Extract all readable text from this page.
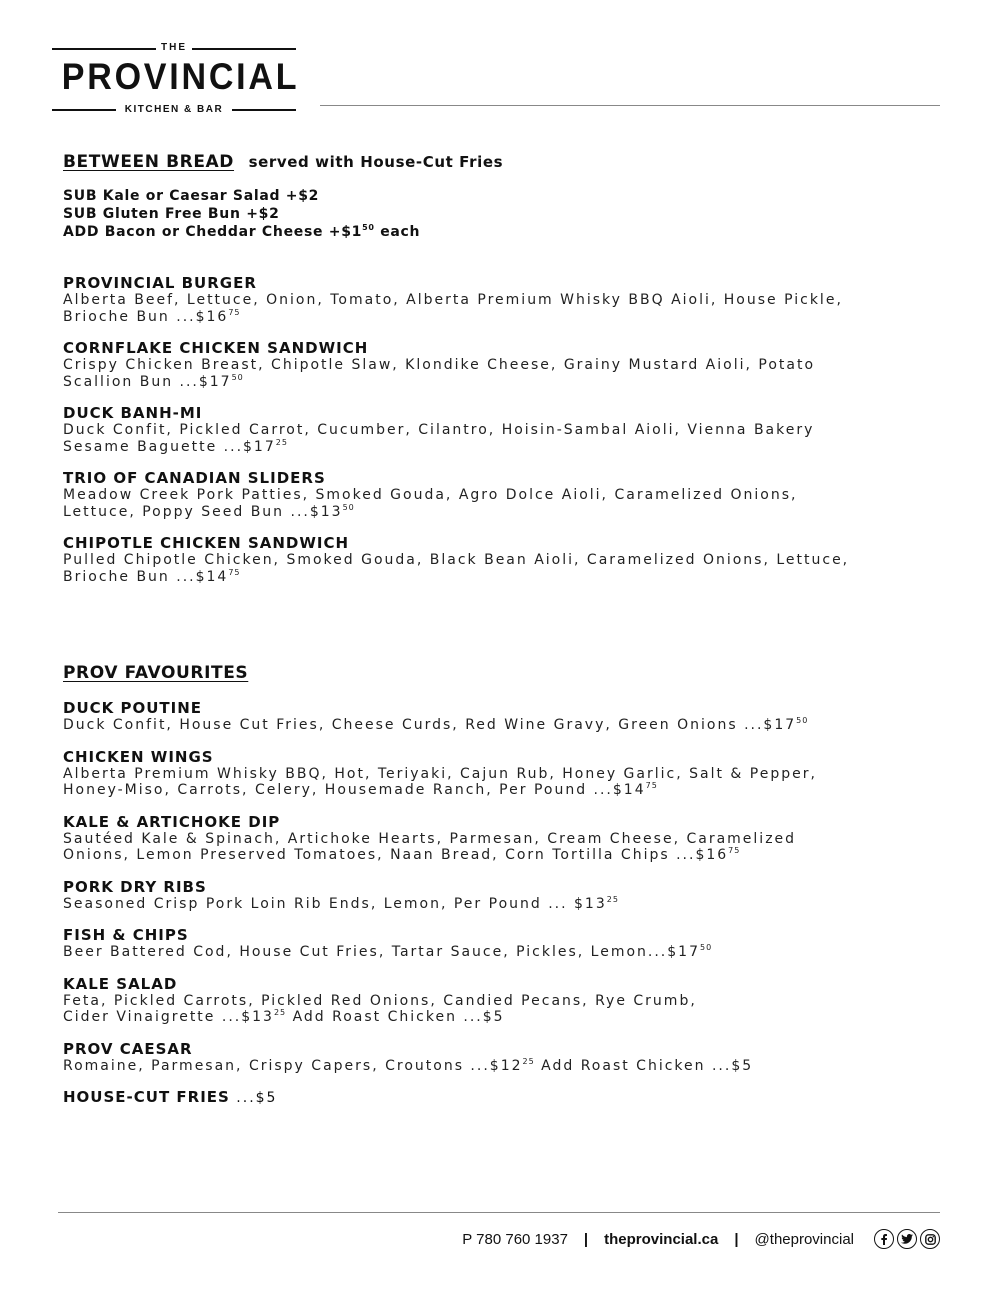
THE
PROVINCIAL
KITCHEN & BAR
BETWEEN BREAD served with House-Cut Fries
SUB Kale or Caesar Salad +$2
SUB Gluten Free Bun +$2
ADD Bacon or Cheddar Cheese $+\$1^{50}$ each
PROVINCIAL BURGER
Alberta Beef, Lettuce, Onion, Tomato, Alberta Premium Whisky BBQ Aioli, House Pickle,
Brioche Bun $...\$16^{75}$
CORNFLAKE CHICKEN SANDWICH
Crispy Chicken Breast, Chipotle Slaw, Klondike Cheese, Grainy Mustard Aioli, Potato
Scallion Bun $...\$17^{50}$
DUCK BANH-MI
Duck Confit, Pickled Carrot, Cucumber, Cilantro, Hoisin-Sambal Aioli, Vienna Bakery
Sesame Baguette $...\$17^{25}$
TRIO OF CANADIAN SLIDERS
Meadow Creek Pork Patties, Smoked Gouda, Agro Dolce Aioli, Caramelized Onions,
Lettuce, Poppy Seed Bun $...\$13^{50}$
CHIPOTLE CHICKEN SANDWICH
Pulled Chipotle Chicken, Smoked Gouda, Black Bean Aioli, Caramelized Onions, Lettuce,
Brioche Bun $...\$14^{75}$
PROV FAVOURITES
DUCK POUTINE
Duck Confit, House Cut Fries, Cheese Curds, Red Wine Gravy, Green Onions $...\$17^{50}$
CHICKEN WINGS
Alberta Premium Whisky BBQ, Hot, Teriyaki, Cajun Rub, Honey Garlic, Salt & Pepper,
Honey-Miso, Carrots, Celery, Housemade Ranch, Per Pound $...\$14^{75}$
KALE & ARTICHOKE DIP
Sautéed Kale & Spinach, Artichoke Hearts, Parmesan, Cream Cheese, Caramelized
Onions, Lemon Preserved Tomatoes, Naan Bread, Corn Tortilla Chips $...\$16^{75}$
PORK DRY RIBS
Seasoned Crisp Pork Loin Rib Ends, Lemon, Per Pound ... $\$13^{25}$
FISH & CHIPS
Beer Battered Cod, House Cut Fries, Tartar Sauce, Pickles, $Lemon...\$17^{50}$
KALE SALAD
Feta, Pickled Carrots, Pickled Red Onions, Candied Pecans, Rye Crumb,
Cider Vinaigrette $...\$13^{25}$ Add Roast Chicken ...$5
PROV CAESAR
Romaine, Parmesan, Crispy Capers, Croutons $...\$12^{25}$ Add Roast Chicken ...$5
HOUSE-CUT FRIES ...$5
P 780 760 1937 | theprovincial.ca | @theprovincial
